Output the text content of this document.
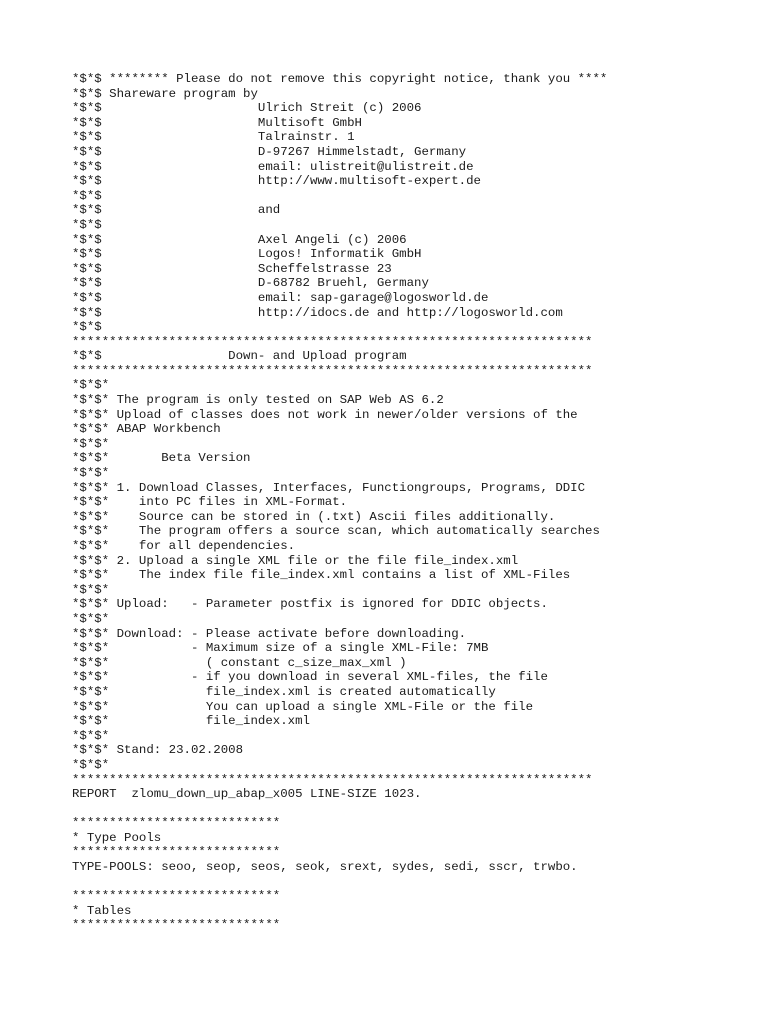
*$*$ ******** Please do not remove this copyright notice, thank you ****
*$*$ Shareware program by
*$*$                     Ulrich Streit (c) 2006
*$*$                     Multisoft GmbH
*$*$                     Talrainstr. 1
*$*$                     D-97267 Himmelstadt, Germany
*$*$                     email: ulistreit@ulistreit.de
*$*$                     http://www.multisoft-expert.de
*$*$
*$*$                     and
*$*$
*$*$                     Axel Angeli (c) 2006
*$*$                     Logos! Informatik GmbH
*$*$                     Scheffelstrasse 23
*$*$                     D-68782 Bruehl, Germany
*$*$                     email: sap-garage@logosworld.de
*$*$                     http://idocs.de and http://logosworld.com
*$*$
**********************************************************************
*$*$                 Down- and Upload program
**********************************************************************
*$*$*
*$*$* The program is only tested on SAP Web AS 6.2
*$*$* Upload of classes does not work in newer/older versions of the
*$*$* ABAP Workbench
*$*$*
*$*$*       Beta Version
*$*$*
*$*$* 1. Download Classes, Interfaces, Functiongroups, Programs, DDIC
*$*$*    into PC files in XML-Format.
*$*$*    Source can be stored in (.txt) Ascii files additionally.
*$*$*    The program offers a source scan, which automatically searches
*$*$*    for all dependencies.
*$*$* 2. Upload a single XML file or the file file_index.xml
*$*$*    The index file file_index.xml contains a list of XML-Files
*$*$*
*$*$* Upload:   - Parameter postfix is ignored for DDIC objects.
*$*$*
*$*$* Download: - Please activate before downloading.
*$*$*           - Maximum size of a single XML-File: 7MB
*$*$*             ( constant c_size_max_xml )
*$*$*           - if you download in several XML-files, the file
*$*$*             file_index.xml is created automatically
*$*$*             You can upload a single XML-File or the file
*$*$*             file_index.xml
*$*$*
*$*$* Stand: 23.02.2008
*$*$*
**********************************************************************
REPORT  zlomu_down_up_abap_x005 LINE-SIZE 1023.
****************************
* Type Pools
****************************
TYPE-POOLS: seoo, seop, seos, seok, srext, sydes, sedi, sscr, trwbo.
****************************
* Tables
****************************
